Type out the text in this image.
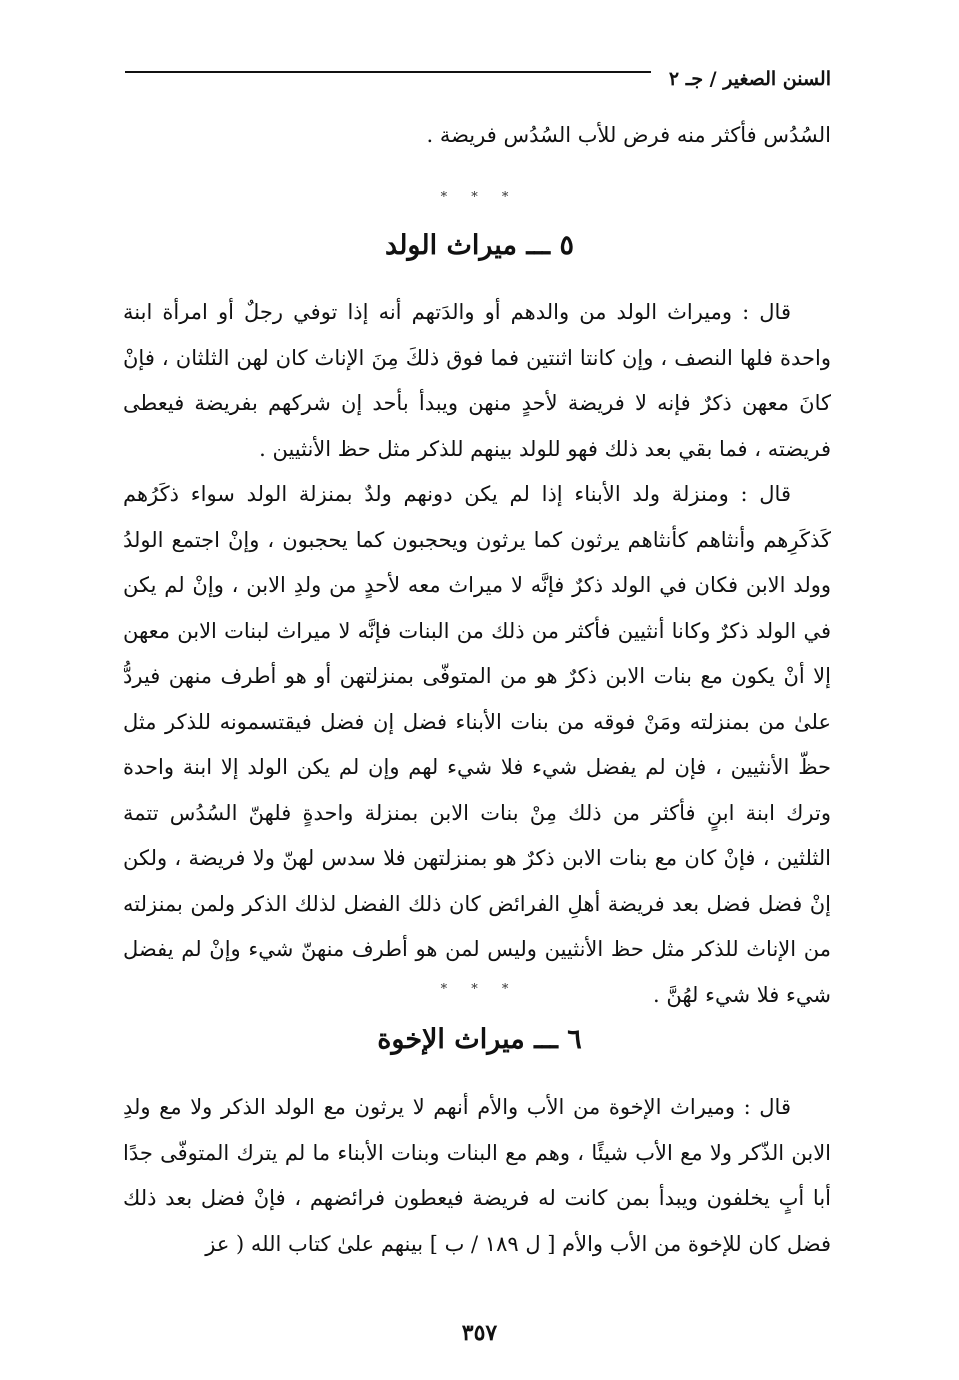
السنن الصغير / جـ ٢

السُدُس فأكثر منه فرض للأب السُدُس فريضة .

* * *
٥ ـــ ميراث الولد

قال : وميراث الولد من والدهم أو والدَتهم أنه إذا توفي رجلٌ أو امرأة ابنة واحدة فلها النصف ، وإن كانتا اثنتين فما فوق ذلكَ مِنَ الإناث كان لهن الثلثان ، فإنْ كانَ معهن ذكرٌ فإنه لا فريضة لأحدٍ منهن ويبدأ بأحد إن شركهم بفريضة فيعطى فريضته ، فما بقي بعد ذلك فهو للولد بينهم للذكر مثل حظ الأنثيين .

قال : ومنزلة ولد الأبناء إذا لم يكن دونهم ولدٌ بمنزلة الولد سواء ذكَرُهم كَذكَرِهم وأنثاهم كأنثاهم يرثون كما يرثون ويحجبون كما يحجبون ، وإنْ اجتمع الولدُ وولد الابن فكان في الولد ذكرٌ فإنَّه لا ميراث معه لأحدٍ من ولدِ الابن ، وإنْ لم يكن في الولد ذكرٌ وكانا أنثيين فأكثر من ذلك من البنات فإنَّه لا ميراث لبنات الابن معهن إلا أنْ يكون مع بنات الابن ذكرٌ هو من المتوفّى بمنزلتهن أو هو أطرف منهن فيردُّ علىٰ من بمنزلته ومَنْ فوقه من بنات الأبناء فضل إن فضل فيقتسمونه للذكر مثل حظّ الأنثيين ، فإن لم يفضل شيء فلا شيء لهم وإن لم يكن الولد إلا ابنة واحدة وترك ابنة ابنٍ فأكثر من ذلك مِنْ بنات الابن بمنزلة واحدةٍ فلهنّ السُدُس تتمة الثلثين ، فإنْ كان مع بنات الابن ذكرٌ هو بمنزلتهن فلا سدس لهنّ ولا فريضة ، ولكن إنْ فضل فضل بعد فريضة أهلِ الفرائض كان ذلك الفضل لذلك الذكر ولمن بمنزلته من الإناث للذكر مثل حظ الأنثيين وليس لمن هو أطرف منهنّ شيء وإنْ لم يفضل شيء فلا شيء لهُنَّ .

* * *
٦ ـــ ميراث الإخوة

قال : وميراث الإخوة من الأب والأم أنهم لا يرثون مع الولد الذكر ولا مع ولدِ الابن الذّكر ولا مع الأب شيئًا ، وهم مع البنات وبنات الأبناء ما لم يترك المتوفّى جدًا أبا أبٍ يخلفون ويبدأ بمن كانت له فريضة فيعطون فرائضهم ، فإنْ فضل بعد ذلك فضل كان للإخوة من الأب والأم [ ل ١٨٩ / ب ] بينهم علىٰ كتاب الله ( عز

٣٥٧
